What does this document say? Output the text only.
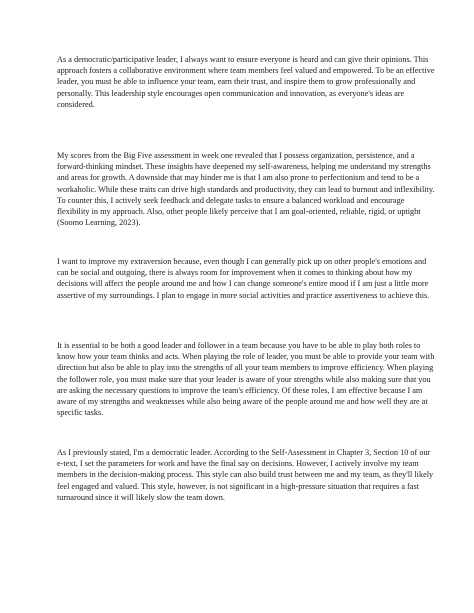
As a democratic/participative leader, I always want to ensure everyone is heard and can give their opinions. This approach fosters a collaborative environment where team members feel valued and empowered. To be an effective leader, you must be able to influence your team, earn their trust, and inspire them to grow professionally and personally. This leadership style encourages open communication and innovation, as everyone's ideas are considered.

My scores from the Big Five assessment in week one revealed that I possess organization, persistence, and a forward-thinking mindset. These insights have deepened my self-awareness, helping me understand my strengths and areas for growth. A downside that may hinder me is that I am also prone to perfectionism and tend to be a workaholic. While these traits can drive high standards and productivity, they can lead to burnout and inflexibility. To counter this, I actively seek feedback and delegate tasks to ensure a balanced workload and encourage flexibility in my approach. Also, other people likely perceive that I am goal-oriented, reliable, rigid, or uptight (Soomo Learning, 2023).

I want to improve my extraversion because, even though I can generally pick up on other people's emotions and can be social and outgoing, there is always room for improvement when it comes to thinking about how my decisions will affect the people around me and how I can change someone's entire mood if I am just a little more assertive of my surroundings. I plan to engage in more social activities and practice assertiveness to achieve this.

It is essential to be both a good leader and follower in a team because you have to be able to play both roles to know how your team thinks and acts. When playing the role of leader, you must be able to provide your team with direction but also be able to play into the strengths of all your team members to improve efficiency. When playing the follower role, you must make sure that your leader is aware of your strengths while also making sure that you are asking the necessary questions to improve the team's efficiency. Of these roles, I am effective because I am aware of my strengths and weaknesses while also being aware of the people around me and how well they are at specific tasks.

As I previously stated, I'm a democratic leader. According to the Self-Assessment in Chapter 3, Section 10 of our e-text, I set the parameters for work and have the final say on decisions. However, I actively involve my team members in the decision-making process. This style can also build trust between me and my team, as they'll likely feel engaged and valued. This style, however, is not significant in a high-pressure situation that requires a fast turnaround since it will likely slow the team down.
